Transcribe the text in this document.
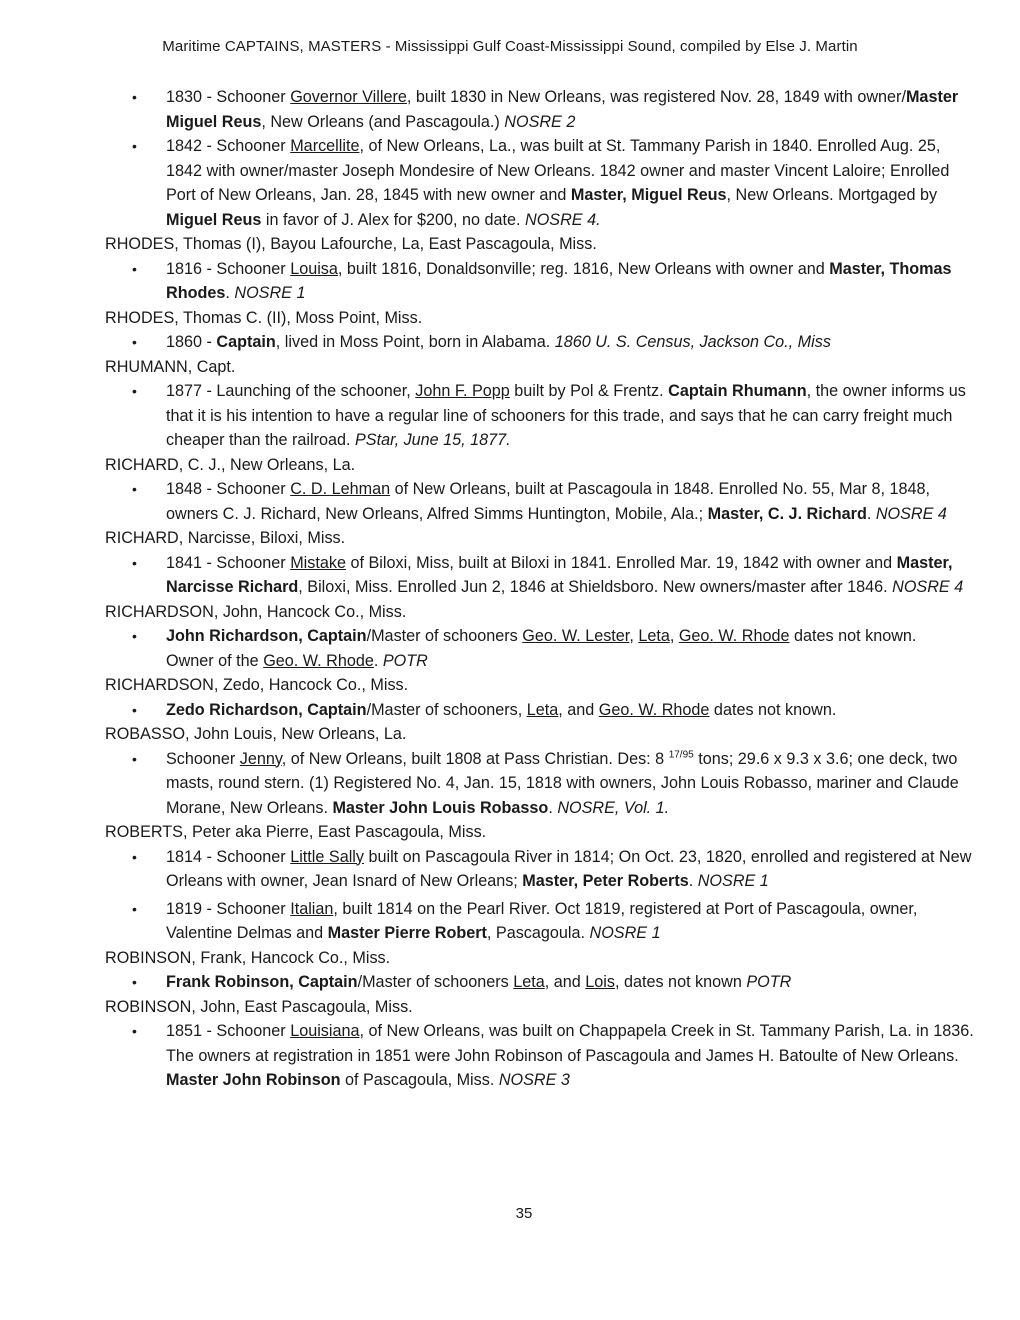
Maritime CAPTAINS, MASTERS - Mississippi Gulf Coast-Mississippi Sound, compiled by Else J. Martin
• 1830 - Schooner Governor Villere, built 1830 in New Orleans, was registered Nov. 28, 1849 with owner/Master Miguel Reus, New Orleans (and Pascagoula.) NOSRE 2
• 1842 - Schooner Marcellite, of New Orleans, La., was built at St. Tammany Parish in 1840. Enrolled Aug. 25, 1842 with owner/master Joseph Mondesire of New Orleans. 1842 owner and master Vincent Laloire; Enrolled Port of New Orleans, Jan. 28, 1845 with new owner and Master, Miguel Reus, New Orleans. Mortgaged by Miguel Reus in favor of J. Alex for $200, no date. NOSRE 4.
RHODES, Thomas (I), Bayou Lafourche, La, East Pascagoula, Miss.
• 1816 - Schooner Louisa, built 1816, Donaldsonville; reg. 1816, New Orleans with owner and Master, Thomas Rhodes. NOSRE 1
RHODES, Thomas C. (II), Moss Point, Miss.
• 1860 - Captain, lived in Moss Point, born in Alabama. 1860 U. S. Census, Jackson Co., Miss
RHUMANN, Capt.
• 1877 - Launching of the schooner, John F. Popp built by Pol & Frentz. Captain Rhumann, the owner informs us that it is his intention to have a regular line of schooners for this trade, and says that he can carry freight much cheaper than the railroad. PStar, June 15, 1877.
RICHARD, C. J., New Orleans, La.
• 1848 - Schooner C. D. Lehman of New Orleans, built at Pascagoula in 1848. Enrolled No. 55, Mar 8, 1848, owners C. J. Richard, New Orleans, Alfred Simms Huntington, Mobile, Ala.; Master, C. J. Richard. NOSRE 4
RICHARD, Narcisse, Biloxi, Miss.
• 1841 - Schooner Mistake of Biloxi, Miss, built at Biloxi in 1841. Enrolled Mar. 19, 1842 with owner and Master, Narcisse Richard, Biloxi, Miss. Enrolled Jun 2, 1846 at Shieldsboro. New owners/master after 1846. NOSRE 4
RICHARDSON, John, Hancock Co., Miss.
• John Richardson, Captain/Master of schooners Geo. W. Lester, Leta, Geo. W. Rhode dates not known.
Owner of the Geo. W. Rhode. POTR
RICHARDSON, Zedo, Hancock Co., Miss.
• Zedo Richardson, Captain/Master of schooners, Leta, and Geo. W. Rhode dates not known.
ROBASSO, John Louis, New Orleans, La.
• Schooner Jenny, of New Orleans, built 1808 at Pass Christian. Des: 8 $^{17/95}$ tons; 29.6 x 9.3 x 3.6; one deck, two masts, round stern. (1) Registered No. 4, Jan. 15, 1818 with owners, John Louis Robasso, mariner and Claude Morane, New Orleans. Master John Louis Robasso. NOSRE, Vol. 1.
ROBERTS, Peter aka Pierre, East Pascagoula, Miss.
• 1814 - Schooner Little Sally built on Pascagoula River in 1814; On Oct. 23, 1820, enrolled and registered at New Orleans with owner, Jean Isnard of New Orleans; Master, Peter Roberts. NOSRE 1
• 1819 - Schooner Italian, built 1814 on the Pearl River. Oct 1819, registered at Port of Pascagoula, owner, Valentine Delmas and Master Pierre Robert, Pascagoula. NOSRE 1
ROBINSON, Frank, Hancock Co., Miss.
• Frank Robinson, Captain/Master of schooners Leta, and Lois, dates not known POTR
ROBINSON, John, East Pascagoula, Miss.
• 1851 - Schooner Louisiana, of New Orleans, was built on Chappapela Creek in St. Tammany Parish, La. in 1836. The owners at registration in 1851 were John Robinson of Pascagoula and James H. Batoulte of New Orleans. Master John Robinson of Pascagoula, Miss. NOSRE 3
35
